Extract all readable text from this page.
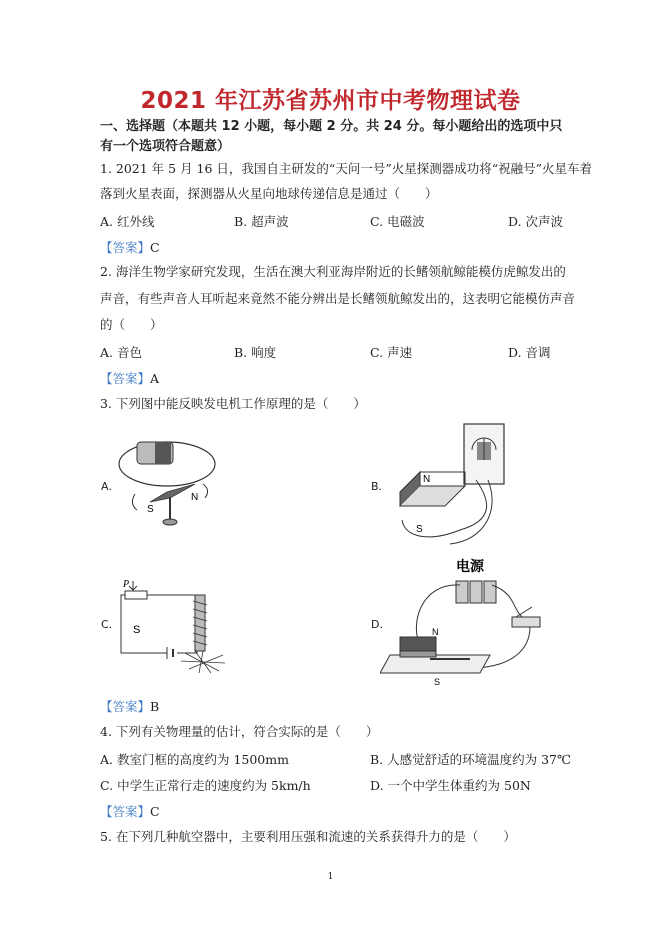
2021 年江苏省苏州市中考物理试卷
一、选择题（本题共 12 小题，每小题 2 分。共 24 分。每小题给出的选项中只
有一个选项符合题意）
1. 2021 年 5 月 16 日，我国自主研发的“天问一号”火星探测器成功将“祝融号”火星车着
落到火星表面，探测器从火星向地球传递信息是通过（　　）
A. 红外线	B. 超声波	C. 电磁波	D. 次声波
【答案】C
2. 海洋生物学家研究发现，生活在澳大利亚海岸附近的长鳍领航鲸能模仿虎鲸发出的
声音，有些声音人耳听起来竟然不能分辨出是长鳍领航鲸发出的，这表明它能模仿声音
的（　　）
A. 音色	B. 响度	C. 声速	D. 音调
【答案】A
3. 下列图中能反映发电机工作原理的是（　　）
A.
S
N
B.
N
S
C.
P
S	D.
电源
N
S
【答案】B
4. 下列有关物理量的估计，符合实际的是（　　）
A. 教室门框的高度约为 1500mm	B. 人感觉舒适的环境温度约为 37℃
C. 中学生正常行走的速度约为 5km/h	D. 一个中学生体重约为 50N
【答案】C
5. 在下列几种航空器中，主要利用压强和流速的关系获得升力的是（　　）
1
